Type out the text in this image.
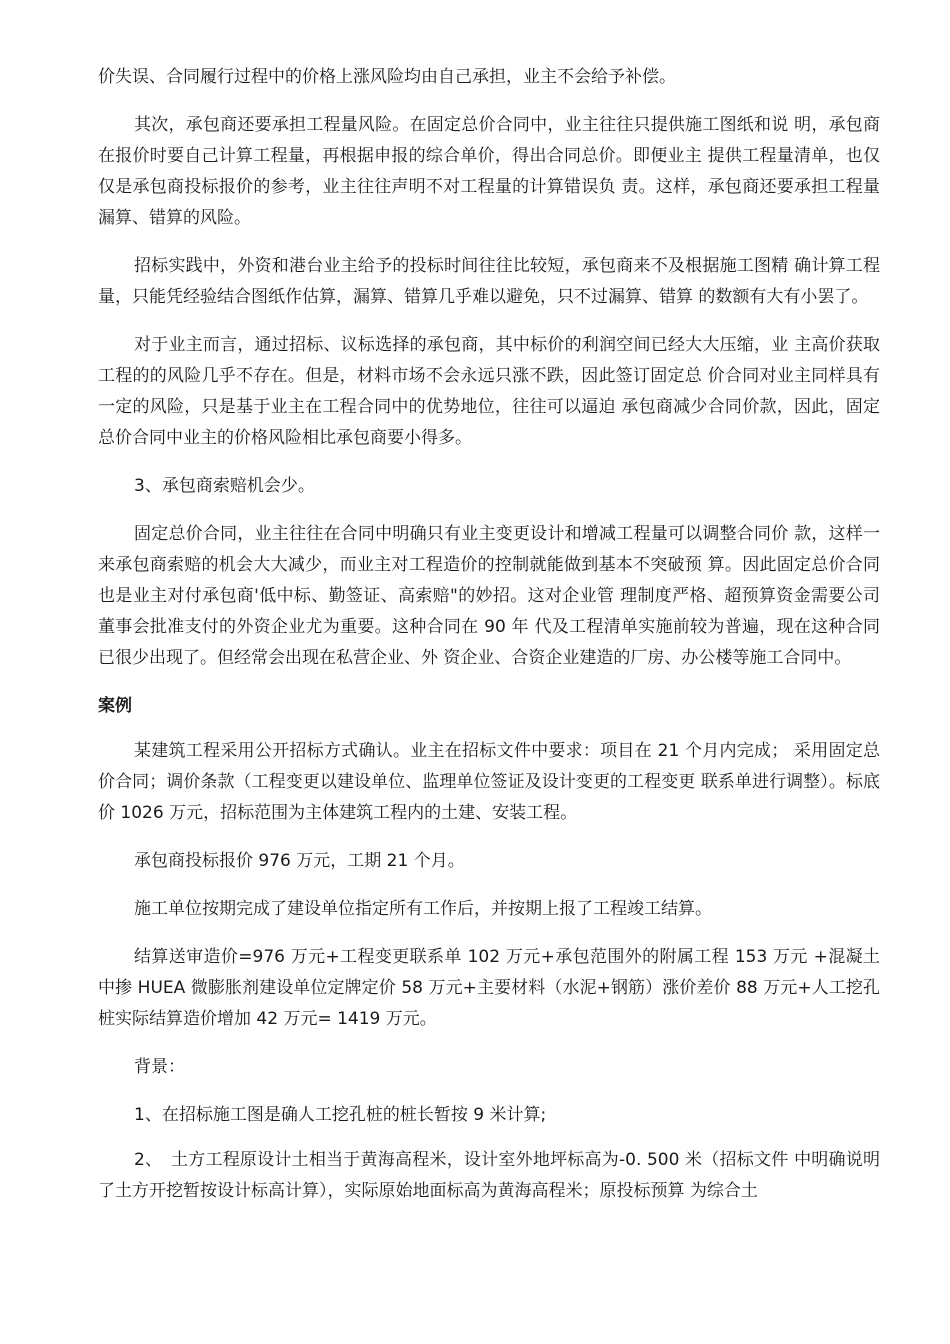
价失误、合同履行过程中的价格上涨风险均由自己承担，业主不会给予补偿。

其次，承包商还要承担工程量风险。在固定总价合同中，业主往往只提供施工图纸和说 明，承包商在报价时要自己计算工程量，再根据申报的综合单价，得出合同总价。即便业主 提供工程量清单，也仅仅是承包商投标报价的参考，业主往往声明不对工程量的计算错误负 责。这样，承包商还要承担工程量漏算、错算的风险。

招标实践中，外资和港台业主给予的投标时间往往比较短，承包商来不及根据施工图精 确计算工程量，只能凭经验结合图纸作估算，漏算、错算几乎难以避免，只不过漏算、错算 的数额有大有小罢了。

对于业主而言，通过招标、议标选择的承包商，其中标价的利润空间已经大大压缩，业 主高价获取工程的的风险几乎不存在。但是，材料市场不会永远只涨不跌，因此签订固定总 价合同对业主同样具有一定的风险，只是基于业主在工程合同中的优势地位，往往可以逼迫 承包商减少合同价款，因此，固定总价合同中业主的价格风险相比承包商要小得多。

3、承包商索赔机会少。

固定总价合同，业主往往在合同中明确只有业主变更设计和增减工程量可以调整合同价 款，这样一来承包商索赔的机会大大减少，而业主对工程造价的控制就能做到基本不突破预 算。因此固定总价合同也是业主对付承包商'低中标、勤签证、高索赔"的妙招。这对企业管 理制度严格、超预算资金需要公司董事会批准支付的外资企业尤为重要。这种合同在 90 年 代及工程清单实施前较为普遍，现在这种合同已很少出现了。但经常会出现在私营企业、外 资企业、合资企业建造的厂房、办公楼等施工合同中。

案例

某建筑工程采用公开招标方式确认。业主在招标文件中要求：项目在 21 个月内完成； 采用固定总价合同；调价条款（工程变更以建设单位、监理单位签证及设计变更的工程变更 联系单进行调整）。标底价 1026 万元，招标范围为主体建筑工程内的土建、安装工程。

承包商投标报价 976 万元，工期 21 个月。

施工单位按期完成了建设单位指定所有工作后，并按期上报了工程竣工结算。

结算送审造价=976 万元+工程变更联系单 102 万元+承包范围外的附属工程 153 万元 +混凝土中掺 HUEA 微膨胀剂建设单位定牌定价 58 万元+主要材料（水泥+钢筋）涨价差价 88 万元+人工挖孔桩实际结算造价增加 42 万元= 1419 万元。

背景：

1、在招标施工图是确人工挖孔桩的桩长暂按 9 米计算;

2、　土方工程原设计土相当于黄海高程米，设计室外地坪标高为-0. 500 米（招标文件 中明确说明了土方开挖暂按设计标高计算），实际原始地面标高为黄海高程米；原投标预算 为综合土
